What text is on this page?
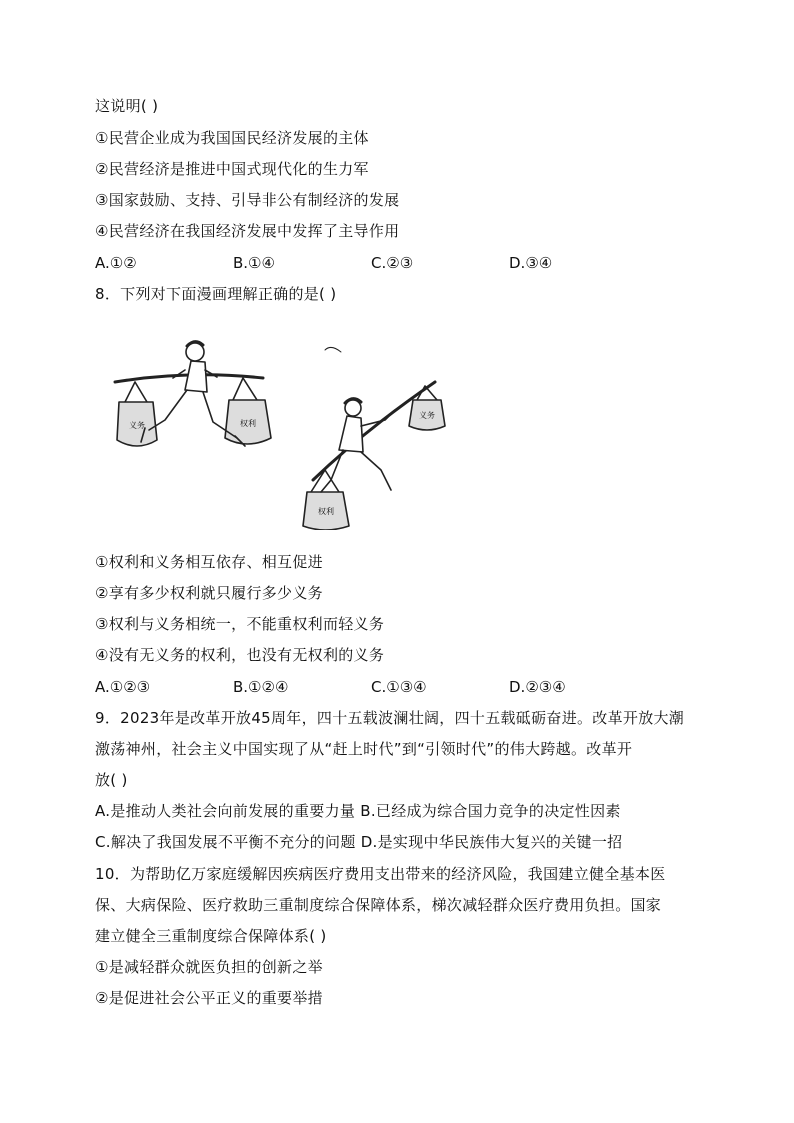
这说明( )
①民营企业成为我国国民经济发展的主体
②民营经济是推进中国式现代化的生力军
③国家鼓励、支持、引导非公有制经济的发展
④民营经济在我国经济发展中发挥了主导作用
A.①②	B.①④	C.②③	D.③④
8．下列对下面漫画理解正确的是( )
义务	权利
权利
义务
①权利和义务相互依存、相互促进
②享有多少权利就只履行多少义务
③权利与义务相统一，不能重权利而轻义务
④没有无义务的权利，也没有无权利的义务
A.①②③	B.①②④	C.①③④	D.②③④
9．2023年是改革开放45周年，四十五载波澜壮阔，四十五载砥砺奋进。改革开放大潮
激荡神州，社会主义中国实现了从“赶上时代”到“引领时代”的伟大跨越。改革开
放( )
A.是推动人类社会向前发展的重要力量 B.已经成为综合国力竞争的决定性因素
C.解决了我国发展不平衡不充分的问题 D.是实现中华民族伟大复兴的关键一招
10．为帮助亿万家庭缓解因疾病医疗费用支出带来的经济风险，我国建立健全基本医
保、大病保险、医疗救助三重制度综合保障体系，梯次减轻群众医疗费用负担。国家
建立健全三重制度综合保障体系( )
①是减轻群众就医负担的创新之举
②是促进社会公平正义的重要举措
